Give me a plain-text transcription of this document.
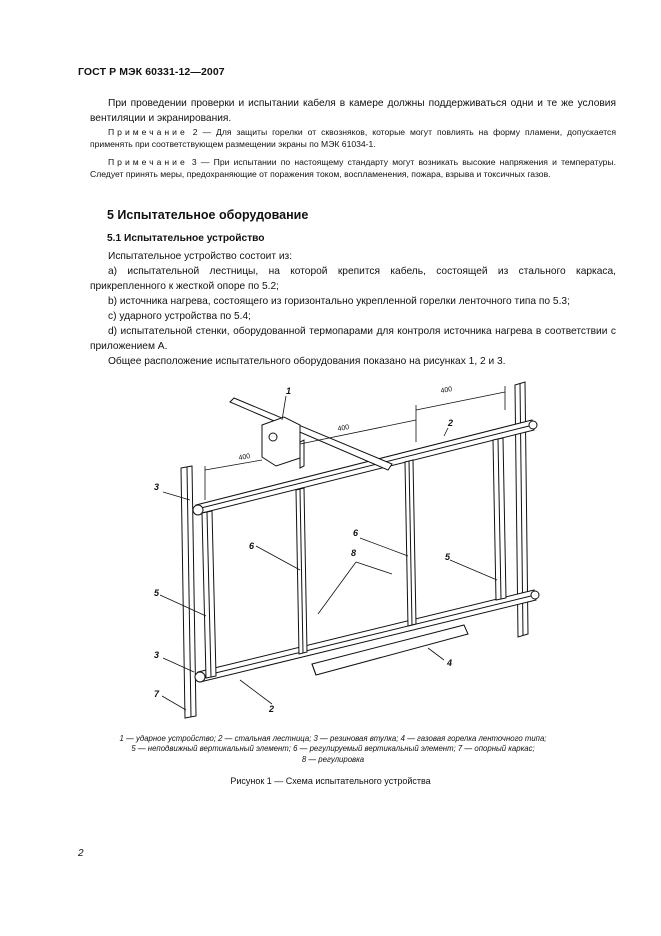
ГОСТ Р МЭК 60331-12—2007
При проведении проверки и испытании кабеля в камере должны поддерживаться одни и те же условия вентиляции и экранирования.
Примечание 2 — Для защиты горелки от сквозняков, которые могут повлиять на форму пламени, допускается применять при соответствующем размещении экраны по МЭК 61034-1.
Примечание 3 — При испытании по настоящему стандарту могут возникать высокие напряжения и температуры. Следует принять меры, предохраняющие от поражения током, воспламенения, пожара, взрыва и токсичных газов.
5 Испытательное оборудование
5.1 Испытательное устройство
Испытательное устройство состоит из:
а) испытательной лестницы, на которой крепится кабель, состоящей из стального каркаса, прикрепленного к жесткой опоре по 5.2;
b) источника нагрева, состоящего из горизонтально укрепленной горелки ленточного типа по 5.3;
c) ударного устройства по 5.4;
d) испытательной стенки, оборудованной термопарами для контроля источника нагрева в соответствии с приложением А.
Общее расположение испытательного оборудования показано на рисунках 1, 2 и 3.
400
400
400
1
2
3
6
6
8	5
5
3
4
2
7
1 — ударное устройство; 2 — стальная лестница; 3 — резиновая втулка; 4 — газовая горелка ленточного типа;
5 — неподвижный вертикальный элемент; 6 — регулируемый вертикальный элемент; 7 — опорный каркас;
8 — регулировка
Рисунок 1 — Схема испытательного устройства
2
